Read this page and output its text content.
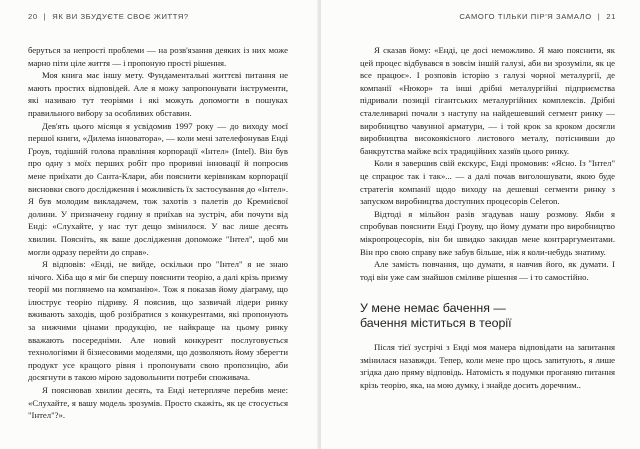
20 | ЯК ВИ ЗБУДУЄТЕ СВОЄ ЖИТТЯ?

беруться за непрості проблеми — на розв'язання деяких із них може марно піти ціле життя — і пропоную прості рішення.

Моя книга має іншу мету. Фундаментальні життєві питання не мають простих відповідей. Але я можу запропонувати інструменти, які називаю тут теоріями і які можуть допомогти в пошуках правильного вибору за особливих обставин.

Дев'ять цього місяця я усвідомив 1997 року — до виходу моєї першої книги, «Дилема інноватора», — коли мені зателефонував Енді Гроув, тодішній голова правління корпорації «Інтел» (Intel). Він був про одну з моїх перших робіт про проривні інновації й попросив мене приїхати до Санта-Клари, аби пояснити керівникам корпорації висновки свого дослідження і можливість їх застосування до «Інтел». Я був молодим викладачем, тож захотів з палетів до Кремнієвої долини. У призначену годину я приїхав на зустріч, аби почути від Енді: «Слухайте, у нас тут дещо змінилося. У вас лише десять хвилин. Поясніть, як ваше дослідження допоможе "Інтел", щоб ми могли одразу перейти до справ».

Я відповів: «Енді, не вийде, оскільки про "Інтел" я не знаю нічого. Хіба що я міг би спершу пояснити теорію, а далі крізь призму теорії ми поглянемо на компанію». Тож я показав йому діаграму, що ілюструє теорію підриву. Я пояснив, що зазвичай лідери ринку вживають заходів, щоб розібратися з конкурентами, які пропонують за нижчими цінами продукцію, не найкраще на цьому ринку вважають посередніми. Але новий конкурент послуговується технологіями й бізнесовими моделями, що дозволяють йому зберегти продукт усе кращого рівня і пропонувати свою пропозицію, аби досягнути в такою мірою задовольнити потреби споживача.

Я пояснював хвилин десять, та Енді нетерпляче перебив мене: «Слухайте, я вашу модель зрозумів. Просто скажіть, як це стосується "Інтел"?».

САМОГО ТІЛЬКИ ПІР'Я ЗАМАЛО | 21

Я сказав йому: «Енді, це досі неможливо. Я маю пояснити, як цей процес відбувався в зовсім іншій галузі, аби ви зрозуміли, як це все працює». І розповів історію з галузі чорної металургії, де компанії «Нюкор» та інші дрібні металургійні підприємства підривали позиції гігантських металургійних комплексів. Дрібні сталеливарні почали з наступу на найдешевший сегмент ринку — виробництво чавунної арматури, — і той крок за кроком досягли виробництва високоякісного листового металу, потіснивши до банкрутства майже всіх традиційних хазяїв цього ринку.

Коли я завершив свій екскурс, Енді промовив: «Ясно. Із "Інтел" це спрацює так і так»... — а далі почав виголошувати, якою буде стратегія компанії щодо виходу на дешевші сегменти ринку з запуском виробництва доступних процесорів Celeron.

Відтоді я мільйон разів згадував нашу розмову. Якби я спробував пояснити Енді Гроуву, що йому думати про виробництво мікропроцесорів, він би швидко закидав мене контраргументами. Він про свою справу вже забув більше, ніж я коли-небудь знатиму.

Але замість повчання, що думати, я навчив його, як думати. І тоді він уже сам знайшов сміливе рішення — і то самостійно.

У мене немає бачення —
бачення міститься в теорії

Після тієї зустрічі з Енді моя манера відповідати на запитання змінилася назавжди. Тепер, коли мене про щось запитують, я лише згідка даю пряму відповідь. Натомість я подумки проганяю питання крізь теорію, яка, на мою думку, і знайде досить доречним..
